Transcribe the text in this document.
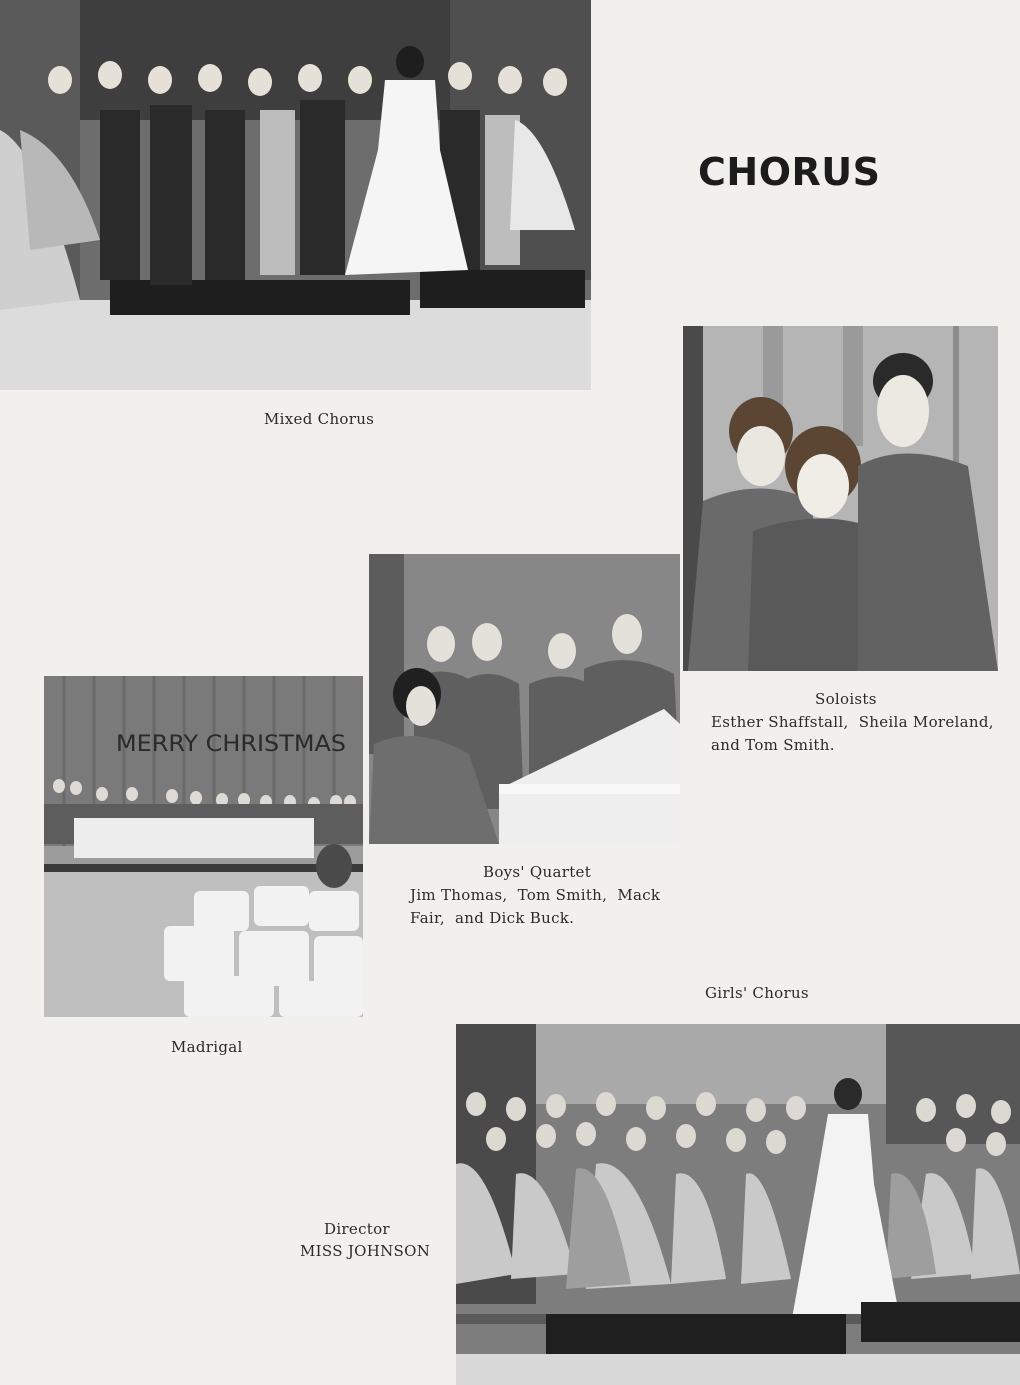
CHORUS
Mixed Chorus
Soloists
Esther Shaffstall,  Sheila Moreland,
and Tom Smith.
Boys' Quartet
Jim Thomas,  Tom Smith,  Mack
Fair,  and Dick Buck.
MERRY CHRISTMAS
Madrigal
Girls' Chorus
Director
MISS JOHNSON
